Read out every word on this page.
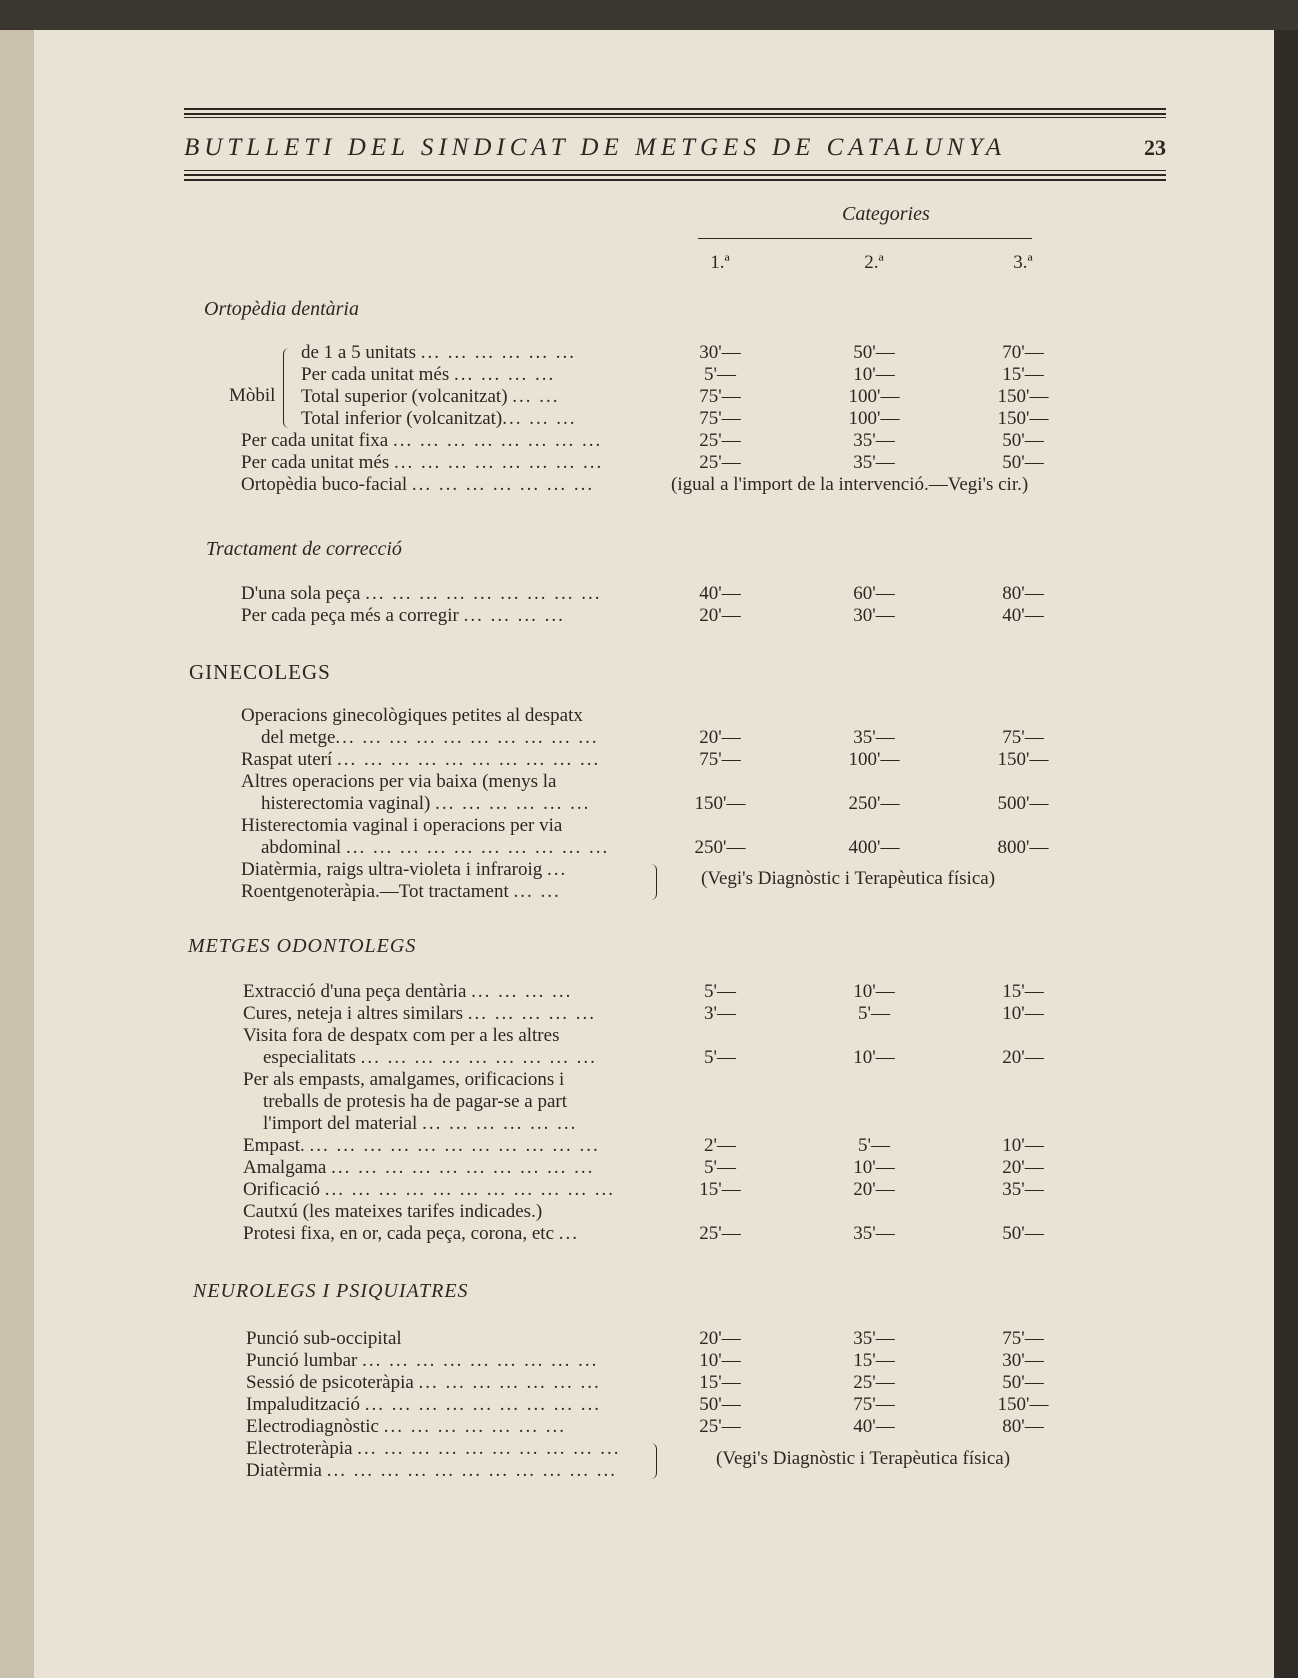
BUTLLETI DEL SINDICAT DE METGES DE CATALUNYA	23
Categories
1.ª	2.ª	3.ª
Ortopèdia dentària
Mòbil
de 1 a 5 unitats ... ... ... ... ... ...	30'—	50'—	70'—
Per cada unitat més ... ... ... ...	5'—	10'—	15'—
Total superior (volcanitzat) ... ...	75'—	100'—	150'—
Total inferior (volcanitzat)... ... ...	75'—	100'—	150'—
Per cada unitat fixa ... ... ... ... ... ... ... ...	25'—	35'—	50'—
Per cada unitat més ... ... ... ... ... ... ... ...	25'—	35'—	50'—
Ortopèdia buco-facial ... ... ... ... ... ... ...	(igual a l'import de la intervenció.—Vegi's cir.)
Tractament de correcció
D'una sola peça ... ... ... ... ... ... ... ... ...	40'—	60'—	80'—
Per cada peça més a corregir ... ... ... ...	20'—	30'—	40'—
GINECOLEGS
Operacions ginecològiques petites al despatx
del metge... ... ... ... ... ... ... ... ... ...	20'—	35'—	75'—
Raspat uterí ... ... ... ... ... ... ... ... ... ...	75'—	100'—	150'—
Altres operacions per via baixa (menys la
histerectomia vaginal) ... ... ... ... ... ...	150'—	250'—	500'—
Histerectomia vaginal i operacions per via
abdominal ... ... ... ... ... ... ... ... ... ...	250'—	400'—	800'—
Diatèrmia, raigs ultra-violeta i infraroig ...
Roentgenoteràpia.—Tot tractament ... ...
(Vegi's Diagnòstic i Terapèutica física)
METGES ODONTOLEGS
Extracció d'una peça dentària ... ... ... ...	5'—	10'—	15'—
Cures, neteja i altres similars ... ... ... ... ...	3'—	5'—	10'—
Visita fora de despatx com per a les altres
especialitats ... ... ... ... ... ... ... ... ...	5'—	10'—	20'—
Per als empasts, amalgames, orificacions i
treballs de protesis ha de pagar-se a part
l'import del material ... ... ... ... ... ...
Empast. ... ... ... ... ... ... ... ... ... ... ...	2'—	5'—	10'—
Amalgama ... ... ... ... ... ... ... ... ... ...	5'—	10'—	20'—
Orificació ... ... ... ... ... ... ... ... ... ... ...	15'—	20'—	35'—
Cautxú (les mateixes tarifes indicades.)
Protesi fixa, en or, cada peça, corona, etc ...	25'—	35'—	50'—
NEUROLEGS I PSIQUIATRES
Punció sub-occipital	20'—	35'—	75'—
Punció lumbar ... ... ... ... ... ... ... ... ...	10'—	15'—	30'—
Sessió de psicoteràpia ... ... ... ... ... ... ...	15'—	25'—	50'—
Impaludització ... ... ... ... ... ... ... ... ...	50'—	75'—	150'—
Electrodiagnòstic ... ... ... ... ... ... ...	25'—	40'—	80'—
Electroteràpia ... ... ... ... ... ... ... ... ... ...
Diatèrmia ... ... ... ... ... ... ... ... ... ... ...
(Vegi's Diagnòstic i Terapèutica física)
